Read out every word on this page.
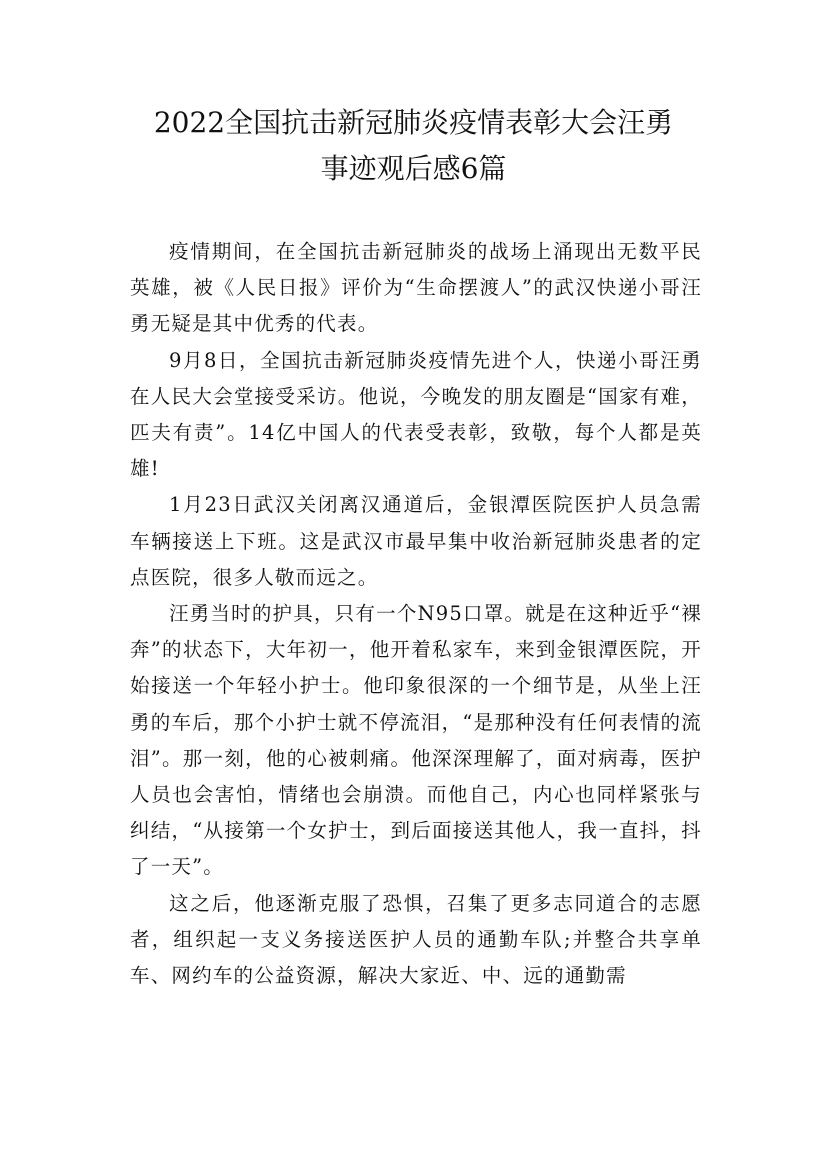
2022全国抗击新冠肺炎疫情表彰大会汪勇
事迹观后感6篇

疫情期间，在全国抗击新冠肺炎的战场上涌现出无数平民英雄，被《人民日报》评价为“生命摆渡人”的武汉快递小哥汪勇无疑是其中优秀的代表。

9月8日，全国抗击新冠肺炎疫情先进个人，快递小哥汪勇在人民大会堂接受采访。他说，今晚发的朋友圈是“国家有难，匹夫有责”。14亿中国人的代表受表彰，致敬，每个人都是英雄!

1月23日武汉关闭离汉通道后，金银潭医院医护人员急需车辆接送上下班。这是武汉市最早集中收治新冠肺炎患者的定点医院，很多人敬而远之。

汪勇当时的护具，只有一个N95口罩。就是在这种近乎“裸奔”的状态下，大年初一，他开着私家车，来到金银潭医院，开始接送一个年轻小护士。他印象很深的一个细节是，从坐上汪勇的车后，那个小护士就不停流泪，“是那种没有任何表情的流泪”。那一刻，他的心被刺痛。他深深理解了，面对病毒，医护人员也会害怕，情绪也会崩溃。而他自己，内心也同样紧张与纠结，“从接第一个女护士，到后面接送其他人，我一直抖，抖了一天”。

这之后，他逐渐克服了恐惧，召集了更多志同道合的志愿者，组织起一支义务接送医护人员的通勤车队;并整合共享单车、网约车的公益资源，解决大家近、中、远的通勤需
